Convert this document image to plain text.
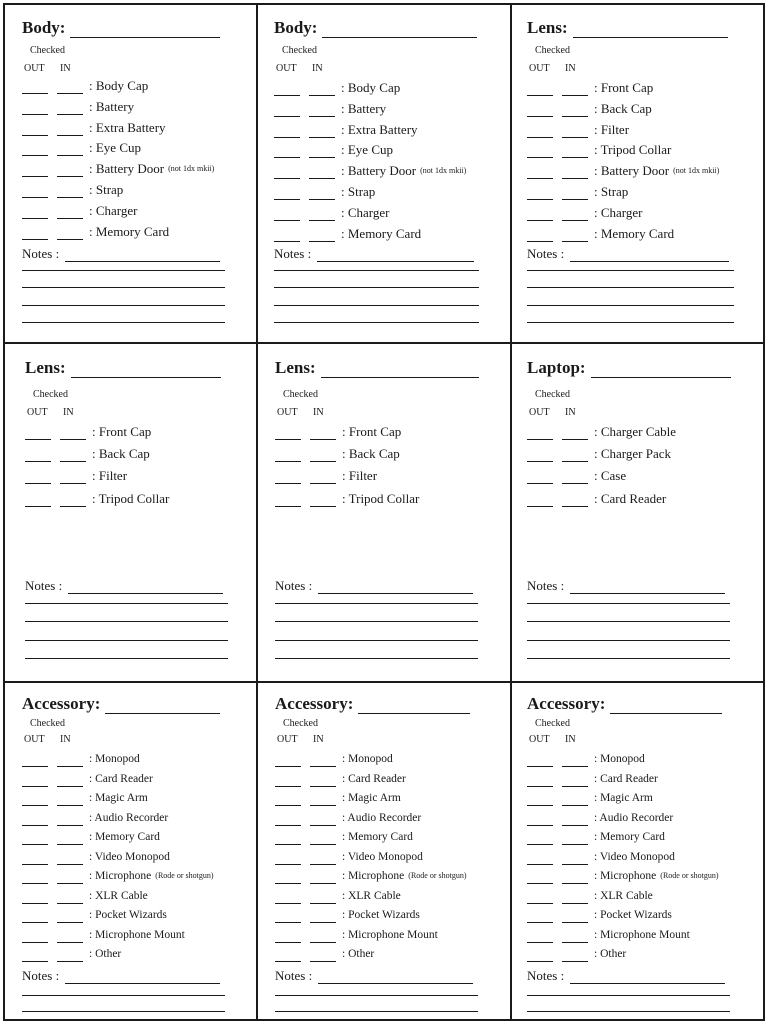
Body:
Checked
OUT	IN
: Body Cap
: Battery
: Extra Battery
: Eye Cup
: Battery Door (not 1dx mkii)
: Strap
: Charger
: Memory Card
Notes :
Body:
Checked
OUT	IN
: Body Cap
: Battery
: Extra Battery
: Eye Cup
: Battery Door (not 1dx mkii)
: Strap
: Charger
: Memory Card
Notes :
Lens:
Checked
OUT	IN
: Front Cap
: Back Cap
: Filter
: Tripod Collar
: Battery Door (not 1dx mkii)
: Strap
: Charger
: Memory Card
Notes :
Lens:
Checked
OUT	IN
: Front Cap
: Back Cap
: Filter
: Tripod Collar
Notes :
Lens:
Checked
OUT	IN
: Front Cap
: Back Cap
: Filter
: Tripod Collar
Notes :
Laptop:
Checked
OUT	IN
: Charger Cable
: Charger Pack
: Case
: Card Reader
Notes :
Accessory:
Checked
OUT	IN
: Monopod
: Card Reader
: Magic Arm
: Audio Recorder
: Memory Card
: Video Monopod
: Microphone (Rode or shotgun)
: XLR Cable
: Pocket Wizards
: Microphone Mount
: Other
Notes :
Accessory:
Checked
OUT	IN
: Monopod
: Card Reader
: Magic Arm
: Audio Recorder
: Memory Card
: Video Monopod
: Microphone (Rode or shotgun)
: XLR Cable
: Pocket Wizards
: Microphone Mount
: Other
Notes :
Accessory:
Checked
OUT	IN
: Monopod
: Card Reader
: Magic Arm
: Audio Recorder
: Memory Card
: Video Monopod
: Microphone (Rode or shotgun)
: XLR Cable
: Pocket Wizards
: Microphone Mount
: Other
Notes :
